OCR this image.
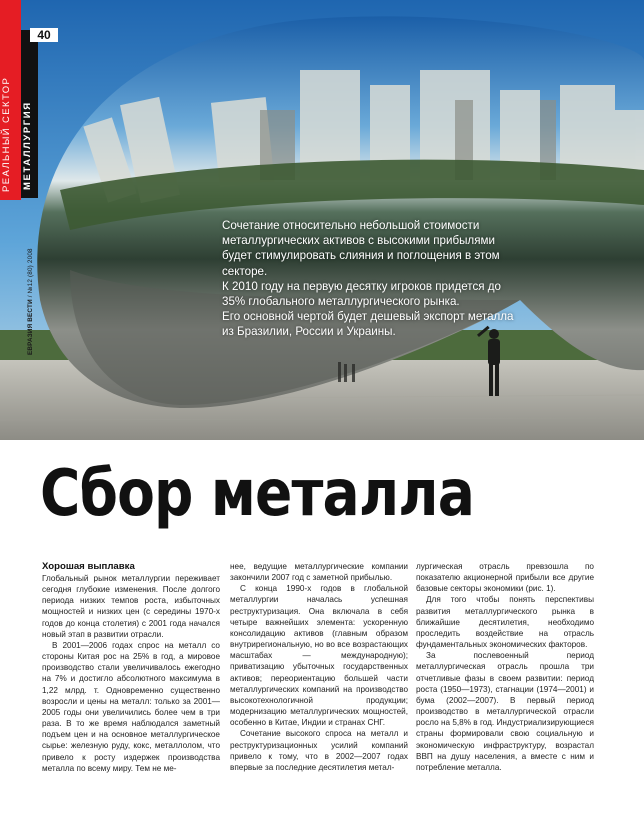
Сочетание относительно небольшой стоимости металлургических активов с высокими прибылями будет стимулировать слияния и поглощения в этом секторе.

К 2010 году на первую десятку игроков придется до 35% глобального металлургического рынка.

Его основной чертой будет дешевый экспорт металла из Бразилии, России и Украины.

40
РЕАЛЬНЫЙ СЕКТОР МЕТАЛЛУРГИЯ
ЕВРАЗИЯ ВЕСТИ / №12 (80) 2008
Сбор металла

Хорошая выплавка

Глобальный рынок металлургии переживает сегодня глубокие изменения. После долгого периода низких темпов роста, избыточных мощностей и низких цен (с середины 1970-х годов до конца столетия) с 2001 года начался новый этап в развитии отрасли.

В 2001—2006 годах спрос на металл со стороны Китая рос на 25% в год, а мировое производство стали увеличивалось ежегодно на 7% и достигло абсолютного максимума в 1,22 млрд. т. Одновременно существенно возросли и цены на металл: только за 2001—2005 годы они увеличились более чем в три раза. В то же время наблюдался заметный подъем цен и на основное металлургическое сырье: железную руду, кокс, металлолом, что привело к росту издержек производства металла по всему миру. Тем не ме-

нее, ведущие металлургические компании закончили 2007 год с заметной прибылью.

С конца 1990-х годов в глобальной металлургии началась успешная реструктуризация. Она включала в себя четыре важнейших элемента: ускоренную консолидацию активов (главным образом внутрирегиональную, но во все возрастающих масштабах — международную); приватизацию убыточных государственных активов; переориентацию большей части металлургических компаний на производство высокотехнологичной продукции; модернизацию металлургических мощностей, особенно в Китае, Индии и странах СНГ.

Сочетание высокого спроса на металл и реструктуризационных усилий компаний привело к тому, что в 2002—2007 годах впервые за последние десятилетия метал-

лургическая отрасль превзошла по показателю акционерной прибыли все другие базовые секторы экономики (рис. 1).

Для того чтобы понять перспективы развития металлургического рынка в ближайшие десятилетия, необходимо проследить воздействие на отрасль фундаментальных экономических факторов.

За послевоенный период металлургическая отрасль прошла три отчетливые фазы в своем развитии: период роста (1950—1973), стагнации (1974—2001) и бума (2002—2007). В первый период производство в металлургической отрасли росло на 5,8% в год. Индустриализирующиеся страны формировали свою социальную и экономическую инфраструктуру, возрастал ВВП на душу населения, а вместе с ним и потребление металла.
